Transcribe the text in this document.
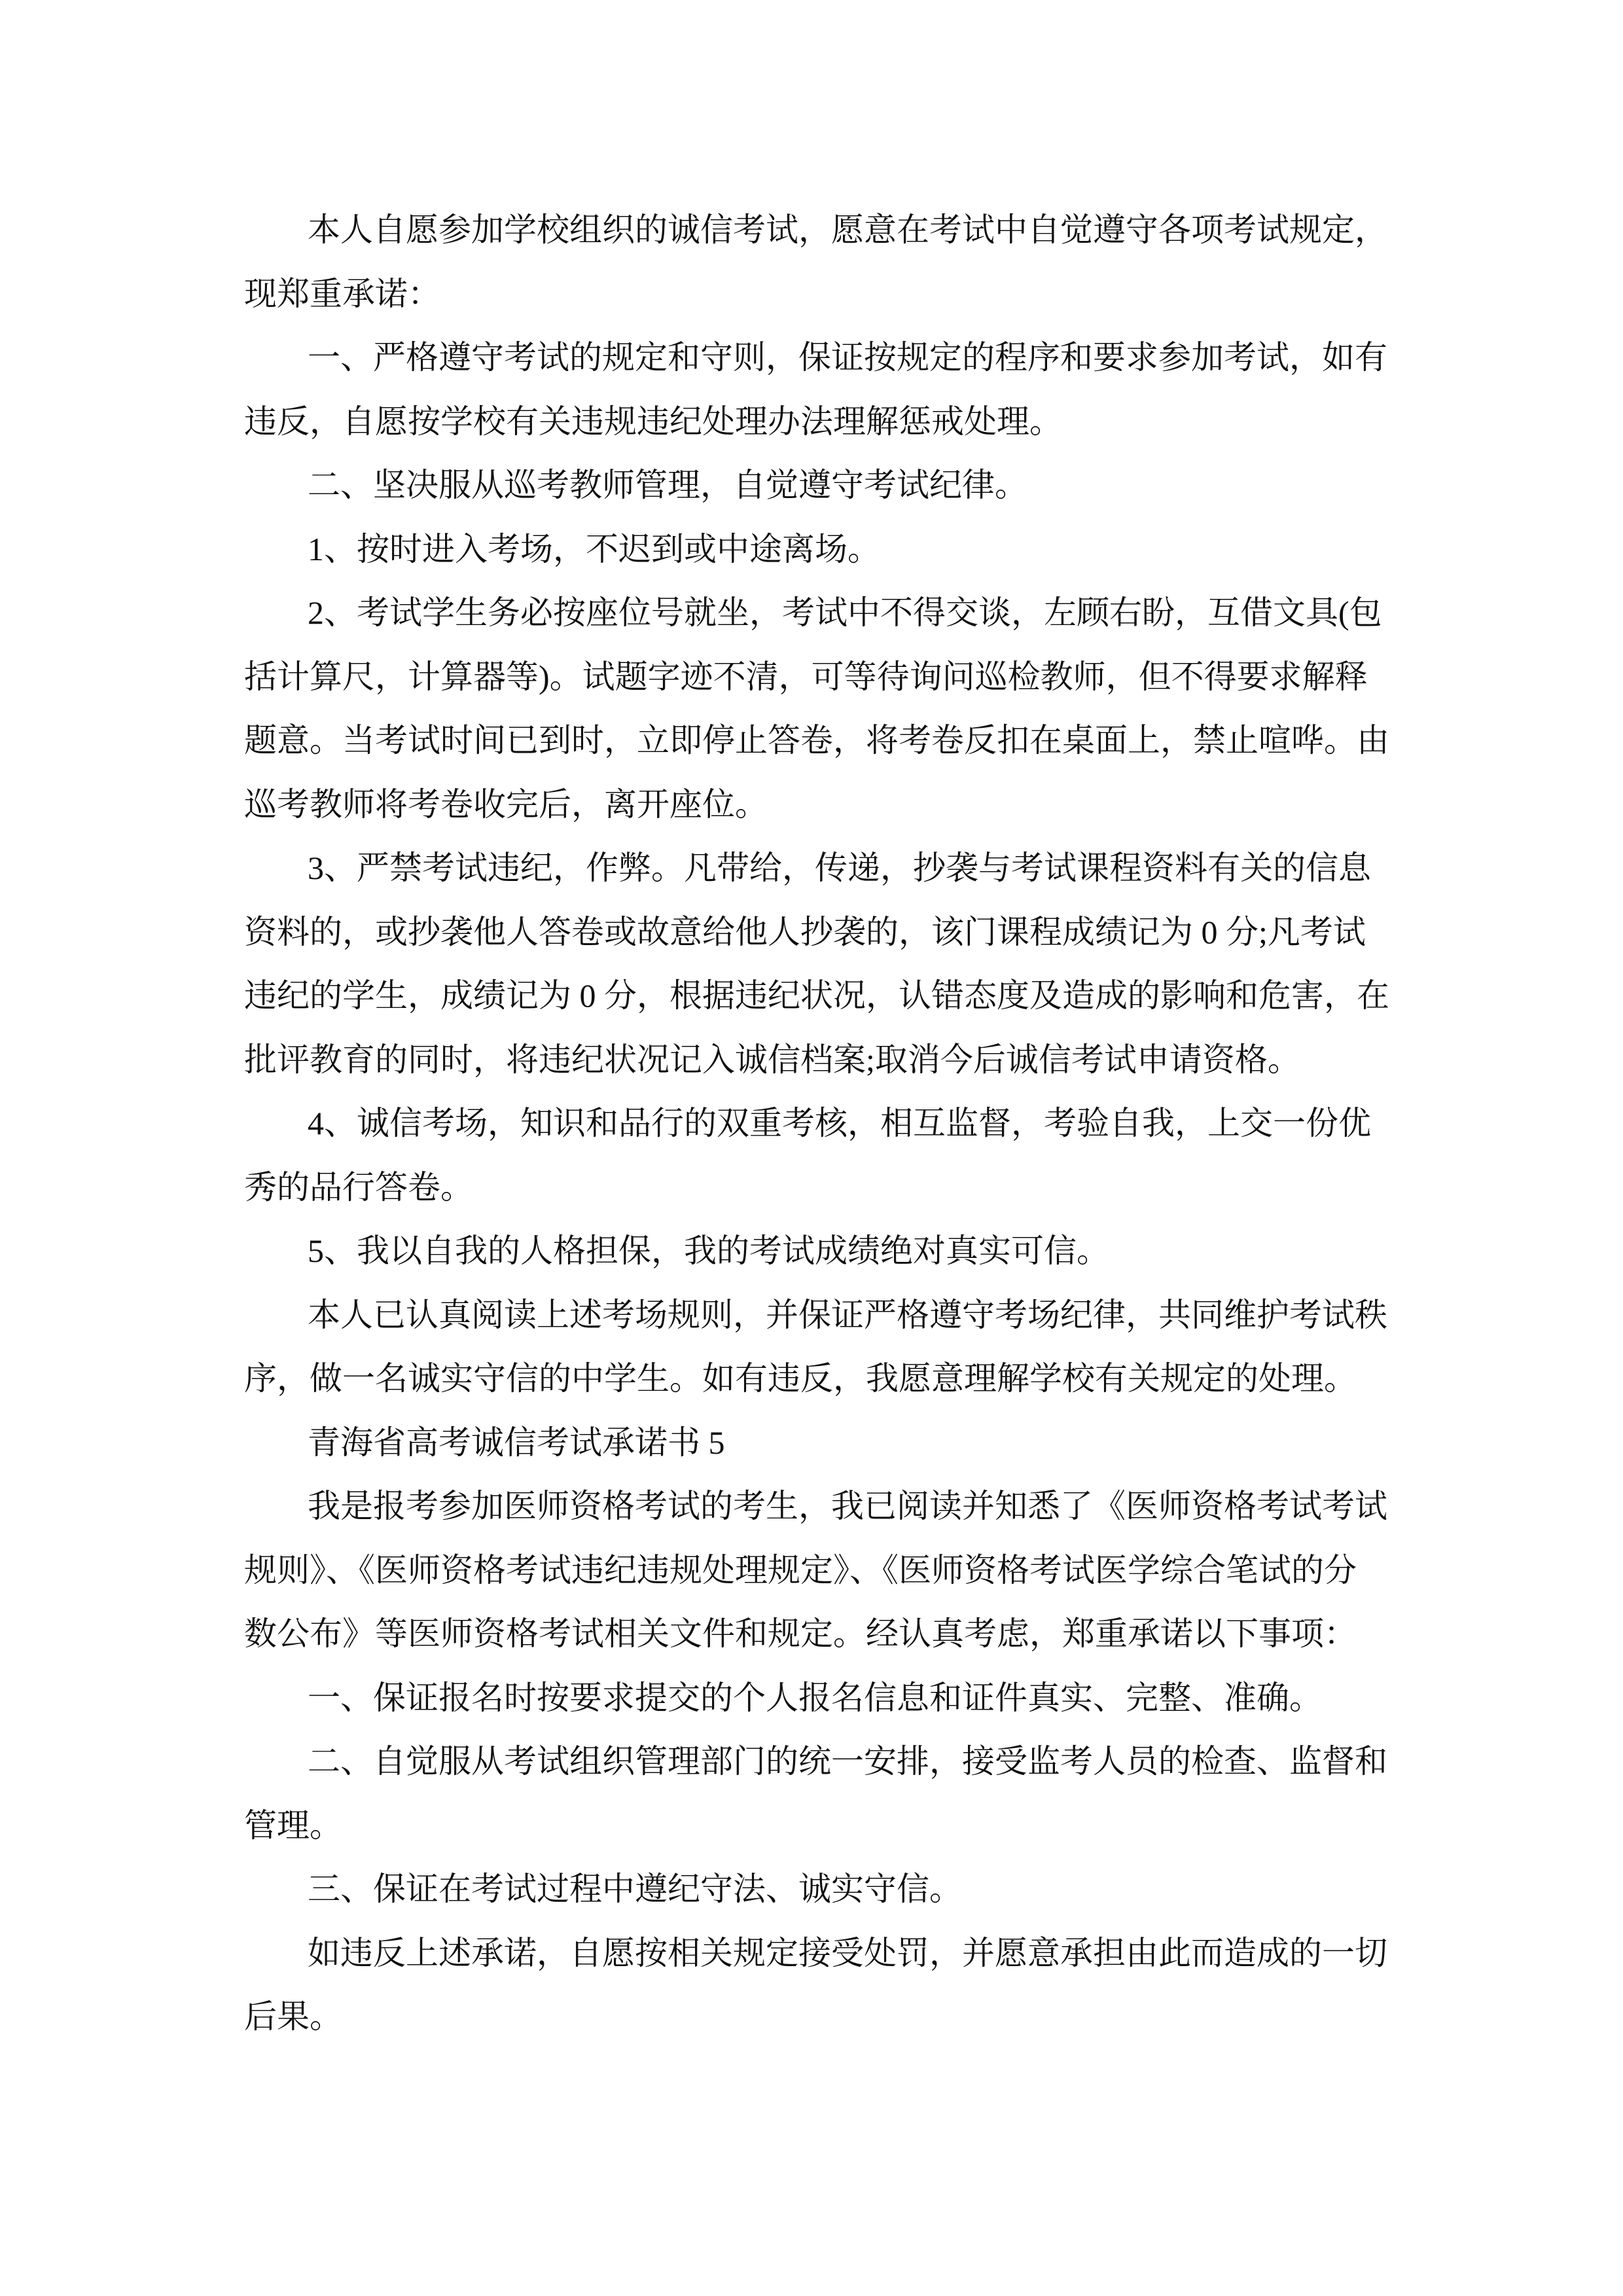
本人自愿参加学校组织的诚信考试，愿意在考试中自觉遵守各项考试规定，
现郑重承诺：
一、严格遵守考试的规定和守则，保证按规定的程序和要求参加考试，如有
违反，自愿按学校有关违规违纪处理办法理解惩戒处理。
二、坚决服从巡考教师管理，自觉遵守考试纪律。
1、按时进入考场，不迟到或中途离场。
2、考试学生务必按座位号就坐，考试中不得交谈，左顾右盼，互借文具(包
括计算尺，计算器等)。试题字迹不清，可等待询问巡检教师，但不得要求解释
题意。当考试时间已到时，立即停止答卷，将考卷反扣在桌面上，禁止喧哗。由
巡考教师将考卷收完后，离开座位。
3、严禁考试违纪，作弊。凡带给，传递，抄袭与考试课程资料有关的信息
资料的，或抄袭他人答卷或故意给他人抄袭的，该门课程成绩记为 0 分;凡考试
违纪的学生，成绩记为 0 分，根据违纪状况，认错态度及造成的影响和危害，在
批评教育的同时，将违纪状况记入诚信档案;取消今后诚信考试申请资格。
4、诚信考场，知识和品行的双重考核，相互监督，考验自我，上交一份优
秀的品行答卷。
5、我以自我的人格担保，我的考试成绩绝对真实可信。
本人已认真阅读上述考场规则，并保证严格遵守考场纪律，共同维护考试秩
序，做一名诚实守信的中学生。如有违反，我愿意理解学校有关规定的处理。
青海省高考诚信考试承诺书 5
我是报考参加医师资格考试的考生，我已阅读并知悉了《医师资格考试考试
规则》、《医师资格考试违纪违规处理规定》、《医师资格考试医学综合笔试的分
数公布》等医师资格考试相关文件和规定。经认真考虑，郑重承诺以下事项：
一、保证报名时按要求提交的个人报名信息和证件真实、完整、准确。
二、自觉服从考试组织管理部门的统一安排，接受监考人员的检查、监督和
管理。
三、保证在考试过程中遵纪守法、诚实守信。
如违反上述承诺，自愿按相关规定接受处罚，并愿意承担由此而造成的一切
后果。
